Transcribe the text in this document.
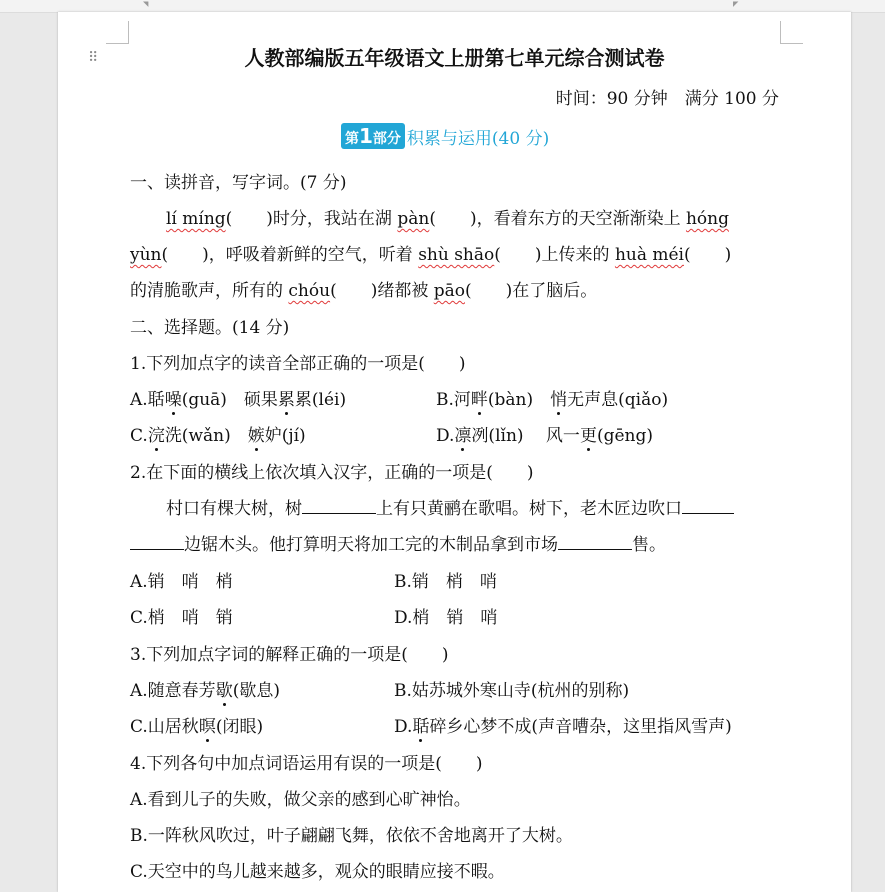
◥	◤
⠿	人教部编版五年级语文上册第七单元综合测试卷
时间：90 分钟　满分 100 分
第1部分 积累与运用(40 分)
一、读拼音，写字词。(7 分)
lí míng(　　)时分，我站在湖 pàn(　　)，看着东方的天空渐渐染上 hóng
yùn(　　)，呼吸着新鲜的空气，听着 shù shāo(　　)上传来的 huà méi(　　)
的清脆歌声，所有的 chóu(　　)绪都被 pāo(　　)在了脑后。
二、选择题。(14 分)
1.下列加点字的读音全部正确的一项是(　　)
A.聒噪(guā)　硕果累累(léi)	B.河畔(bàn)　悄无声息(qiǎo)
C.浣洗(wǎn)　嫉妒(jí)	D.凛冽(lǐn)　 风一更(gēng)
2.在下面的横线上依次填入汉字，正确的一项是(　　)
村口有棵大树，树	上有只黄鹂在歌唱。树下，老木匠边吹口
边锯木头。他打算明天将加工完的木制品拿到市场	售。
A.销　哨　梢	B.销　梢　哨
C.梢　哨　销	D.梢　销　哨
3.下列加点字词的解释正确的一项是(　　)
A.随意春芳歇(歇息)	B.姑苏城外寒山寺(杭州的别称)
C.山居秋暝(闭眼)	D.聒碎乡心梦不成(声音嘈杂，这里指风雪声)
4.下列各句中加点词语运用有误的一项是(　　)
A.看到儿子的失败，做父亲的感到心旷神怡。
B.一阵秋风吹过，叶子翩翩飞舞，依依不舍地离开了大树。
C.天空中的鸟儿越来越多，观众的眼睛应接不暇。
